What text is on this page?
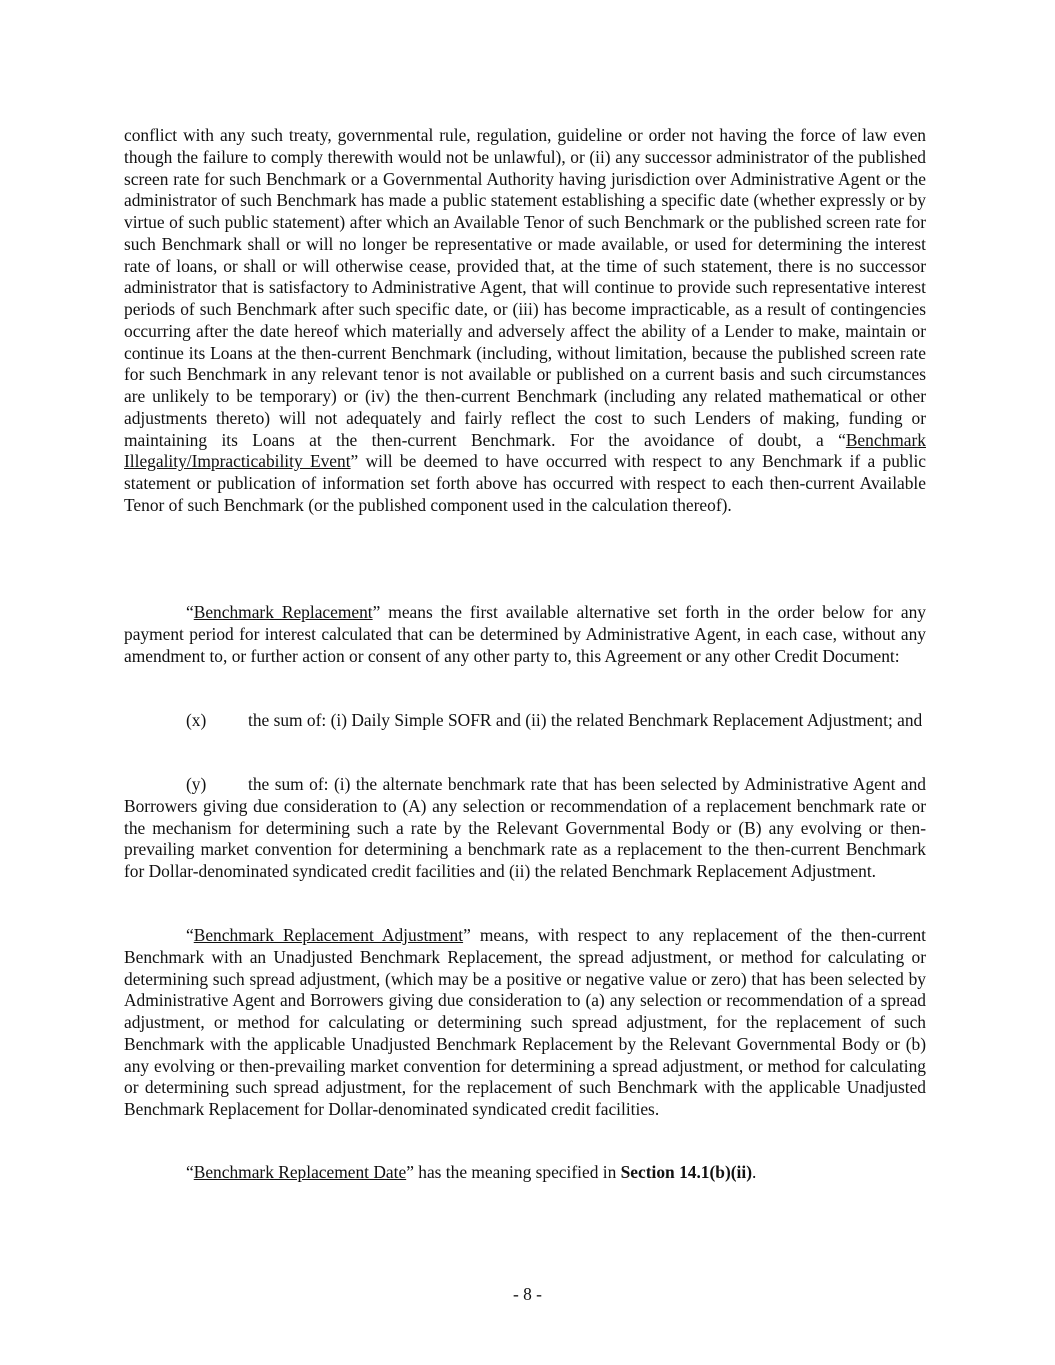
conflict with any such treaty, governmental rule, regulation, guideline or order not having the force of law even though the failure to comply therewith would not be unlawful), or (ii) any successor administrator of the published screen rate for such Benchmark or a Governmental Authority having jurisdiction over Administrative Agent or the administrator of such Benchmark has made a public statement establishing a specific date (whether expressly or by virtue of such public statement) after which an Available Tenor of such Benchmark or the published screen rate for such Benchmark shall or will no longer be representative or made available, or used for determining the interest rate of loans, or shall or will otherwise cease, provided that, at the time of such statement, there is no successor administrator that is satisfactory to Administrative Agent, that will continue to provide such representative interest periods of such Benchmark after such specific date, or (iii) has become impracticable, as a result of contingencies occurring after the date hereof which materially and adversely affect the ability of a Lender to make, maintain or continue its Loans at the then-current Benchmark (including, without limitation, because the published screen rate for such Benchmark in any relevant tenor is not available or published on a current basis and such circumstances are unlikely to be temporary) or (iv) the then-current Benchmark (including any related mathematical or other adjustments thereto) will not adequately and fairly reflect the cost to such Lenders of making, funding or maintaining its Loans at the then-current Benchmark. For the avoidance of doubt, a “Benchmark Illegality/Impracticability Event” will be deemed to have occurred with respect to any Benchmark if a public statement or publication of information set forth above has occurred with respect to each then-current Available Tenor of such Benchmark (or the published component used in the calculation thereof).

“Benchmark Replacement” means the first available alternative set forth in the order below for any payment period for interest calculated that can be determined by Administrative Agent, in each case, without any amendment to, or further action or consent of any other party to, this Agreement or any other Credit Document:

(x) the sum of: (i) Daily Simple SOFR and (ii) the related Benchmark Replacement Adjustment; and

(y) the sum of: (i) the alternate benchmark rate that has been selected by Administrative Agent and Borrowers giving due consideration to (A) any selection or recommendation of a replacement benchmark rate or the mechanism for determining such a rate by the Relevant Governmental Body or (B) any evolving or then-prevailing market convention for determining a benchmark rate as a replacement to the then-current Benchmark for Dollar-denominated syndicated credit facilities and (ii) the related Benchmark Replacement Adjustment.

“Benchmark Replacement Adjustment” means, with respect to any replacement of the then-current Benchmark with an Unadjusted Benchmark Replacement, the spread adjustment, or method for calculating or determining such spread adjustment, (which may be a positive or negative value or zero) that has been selected by Administrative Agent and Borrowers giving due consideration to (a) any selection or recommendation of a spread adjustment, or method for calculating or determining such spread adjustment, for the replacement of such Benchmark with the applicable Unadjusted Benchmark Replacement by the Relevant Governmental Body or (b) any evolving or then-prevailing market convention for determining a spread adjustment, or method for calculating or determining such spread adjustment, for the replacement of such Benchmark with the applicable Unadjusted Benchmark Replacement for Dollar-denominated syndicated credit facilities.

“Benchmark Replacement Date” has the meaning specified in Section 14.1(b)(ii).

- 8 -
